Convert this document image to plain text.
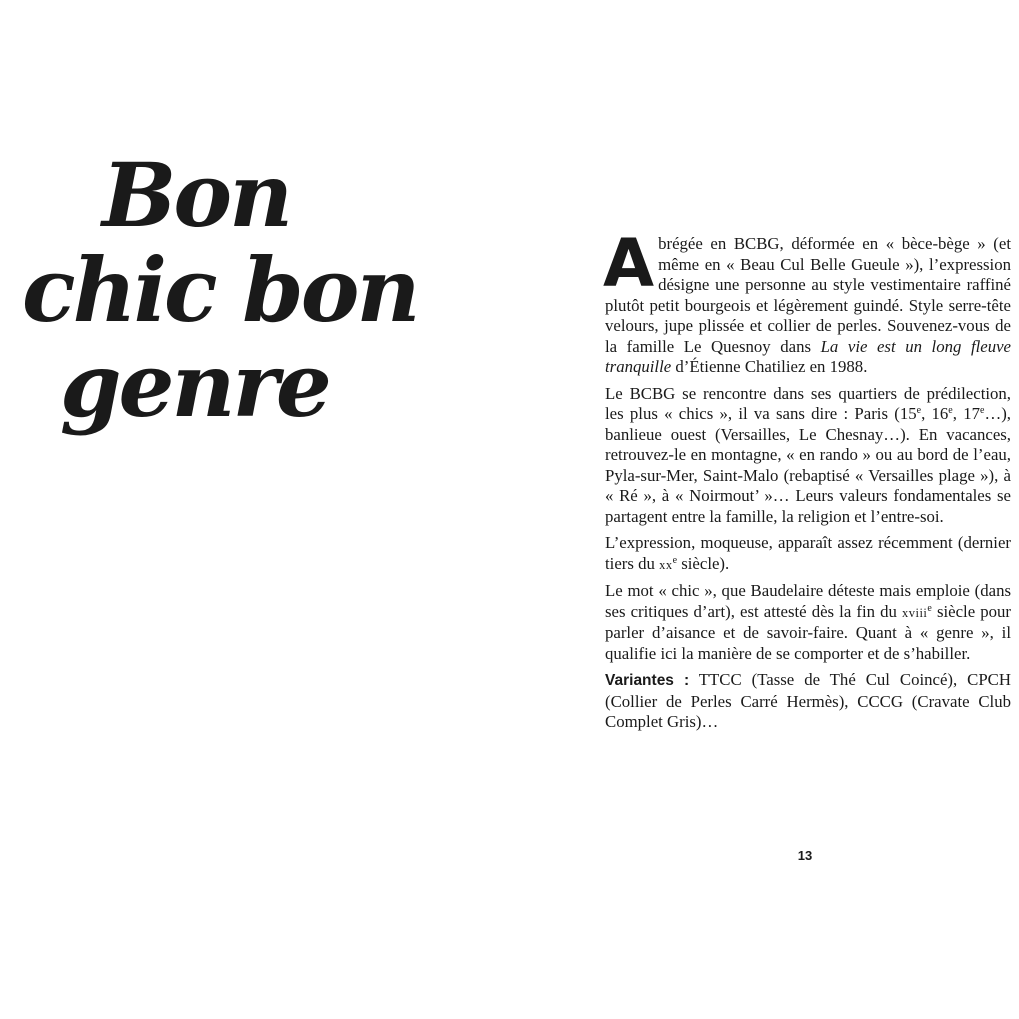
Bon
chic bon
genre

Abrégée en BCBG, déformée en « bèce-bège » (et même en « Beau Cul Belle Gueule »), l’expression désigne une personne au style vestimentaire raffiné plutôt petit bourgeois et légèrement guindé. Style serre-tête velours, jupe plissée et collier de perles. Souvenez-vous de la famille Le Quesnoy dans La vie est un long fleuve tranquille d’Étienne Chatiliez en 1988.

Le BCBG se rencontre dans ses quartiers de prédilection, les plus « chics », il va sans dire : Paris (15e, 16e, 17e…), banlieue ouest (Versailles, Le Chesnay…). En vacances, retrouvez-le en montagne, « en rando » ou au bord de l’eau, Pyla-sur-Mer, Saint-Malo (rebaptisé « Versailles plage »), à « Ré », à « Noirmout’ »… Leurs valeurs fondamentales se partagent entre la famille, la religion et l’entre-soi.

L’expression, moqueuse, apparaît assez récemment (dernier tiers du $xx^e$ siècle).

Le mot « chic », que Baudelaire déteste mais emploie (dans ses critiques d’art), est attesté dès la fin du xviii$^e$ siècle pour parler d’aisance et de savoir-faire. Quant à « genre », il qualifie ici la manière de se comporter et de s’habiller.

Variantes : TTCC (Tasse de Thé Cul Coincé), CPCH (Collier de Perles Carré Hermès), CCCG (Cravate Club Complet Gris)…

13
